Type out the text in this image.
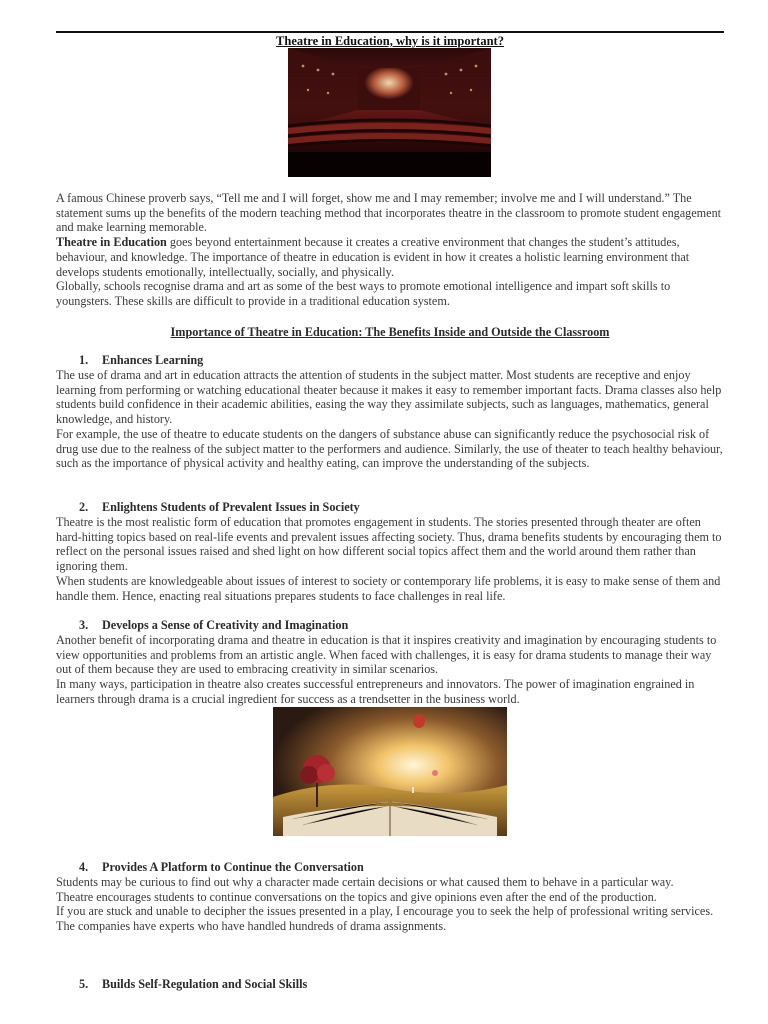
Theatre in Education, why is it important?

A famous Chinese proverb says, “Tell me and I will forget, show me and I may remember; involve me and I will understand.” The statement sums up the benefits of the modern teaching method that incorporates theatre in the classroom to promote student engagement and make learning memorable.

Theatre in Education goes beyond entertainment because it creates a creative environment that changes the student’s attitudes, behaviour, and knowledge. The importance of theatre in education is evident in how it creates a holistic learning environment that develops students emotionally, intellectually, socially, and physically.

Globally, schools recognise drama and art as some of the best ways to promote emotional intelligence and impart soft skills to youngsters. These skills are difficult to provide in a traditional education system.

Importance of Theatre in Education: The Benefits Inside and Outside the Classroom
1. Enhances Learning

The use of drama and art in education attracts the attention of students in the subject matter. Most students are receptive and enjoy learning from performing or watching educational theater because it makes it easy to remember important facts. Drama classes also help students build confidence in their academic abilities, easing the way they assimilate subjects, such as languages, mathematics, general knowledge, and history.

For example, the use of theatre to educate students on the dangers of substance abuse can significantly reduce the psychosocial risk of drug use due to the realness of the subject matter to the performers and audience. Similarly, the use of theater to teach healthy behaviour, such as the importance of physical activity and healthy eating, can improve the understanding of the subjects.

2. Enlightens Students of Prevalent Issues in Society

Theatre is the most realistic form of education that promotes engagement in students. The stories presented through theater are often hard-hitting topics based on real-life events and prevalent issues affecting society. Thus, drama benefits students by encouraging them to reflect on the personal issues raised and shed light on how different social topics affect them and the world around them rather than ignoring them.

When students are knowledgeable about issues of interest to society or contemporary life problems, it is easy to make sense of them and handle them. Hence, enacting real situations prepares students to face challenges in real life.

3. Develops a Sense of Creativity and Imagination

Another benefit of incorporating drama and theatre in education is that it inspires creativity and imagination by encouraging students to view opportunities and problems from an artistic angle. When faced with challenges, it is easy for drama students to manage their way out of them because they are used to embracing creativity in similar scenarios.

In many ways, participation in theatre also creates successful entrepreneurs and innovators. The power of imagination engrained in learners through drama is a crucial ingredient for success as a trendsetter in the business world.

4. Provides A Platform to Continue the Conversation

Students may be curious to find out why a character made certain decisions or what caused them to behave in a particular way.

Theatre encourages students to continue conversations on the topics and give opinions even after the end of the production.

If you are stuck and unable to decipher the issues presented in a play, I encourage you to seek the help of professional writing services. The companies have experts who have handled hundreds of drama assignments.

5. Builds Self-Regulation and Social Skills
